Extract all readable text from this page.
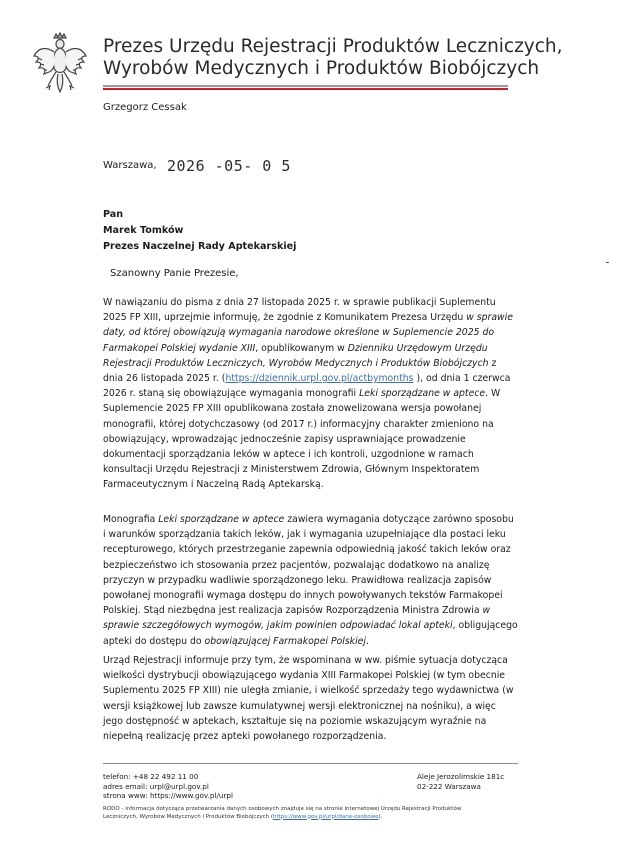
Prezes Urzędu Rejestracji Produktów Leczniczych,
Wyrobów Medycznych i Produktów Biobójczych
Grzegorz Cessak
Warszawa, 2026 -05- 0 5
Pan
Marek Tomków
Prezes Naczelnej Rady Aptekarskiej
Szanowny Panie Prezesie,

W nawiązaniu do pisma z dnia 27 listopada 2025 r. w sprawie publikacji Suplementu 2025 FP XIII, uprzejmie informuję, że zgodnie z Komunikatem Prezesa Urzędu w sprawie daty, od której obowiązują wymagania narodowe określone w Suplemencie 2025 do Farmakopei Polskiej wydanie XIII, opublikowanym w Dzienniku Urzędowym Urzędu Rejestracji Produktów Leczniczych, Wyrobów Medycznych i Produktów Biobójczych z dnia 26 listopada 2025 r. (https://dziennik.urpl.gov.pl/actbymonths ), od dnia 1 czerwca 2026 r. staną się obowiązujące wymagania monografii Leki sporządzane w aptece. W Suplemencie 2025 FP XIII opublikowana została znowelizowana wersja powołanej monografii, której dotychczasowy (od 2017 r.) informacyjny charakter zmieniono na obowiązujący, wprowadzając jednocześnie zapisy usprawniające prowadzenie dokumentacji sporządzania leków w aptece i ich kontroli, uzgodnione w ramach konsultacji Urzędu Rejestracji z Ministerstwem Zdrowia, Głównym Inspektoratem Farmaceutycznym i Naczelną Radą Aptekarską.

Monografia Leki sporządzane w aptece zawiera wymagania dotyczące zarówno sposobu i warunków sporządzania takich leków, jak i wymagania uzupełniające dla postaci leku recepturowego, których przestrzeganie zapewnia odpowiednią jakość takich leków oraz bezpieczeństwo ich stosowania przez pacjentów, pozwalając dodatkowo na analizę przyczyn w przypadku wadliwie sporządzonego leku. Prawidłowa realizacja zapisów powołanej monografii wymaga dostępu do innych powoływanych tekstów Farmakopei Polskiej. Stąd niezbędna jest realizacja zapisów Rozporządzenia Ministra Zdrowia w sprawie szczegółowych wymogów, jakim powinien odpowiadać lokal apteki, obligującego apteki do dostępu do obowiązującej Farmakopei Polskiej.

Urząd Rejestracji informuje przy tym, że wspominana w ww. piśmie sytuacja dotycząca wielkości dystrybucji obowiązującego wydania XIII Farmakopei Polskiej (w tym obecnie Suplementu 2025 FP XIII) nie uległa zmianie, i wielkość sprzedaży tego wydawnictwa (w wersji książkowej lub zawsze kumulatywnej wersji elektronicznej na nośniku), a więc jego dostępność w aptekach, kształtuje się na poziomie wskazującym wyraźnie na niepełną realizację przez apteki powołanego rozporządzenia.

telefon: +48 22 492 11 00
adres email: urpl@urpl.gov.pl
strona www: https://www.gov.pl/urpl
Aleje Jerozolimskie 181c
02-222 Warszawa
RODO - informacja dotycząca przetwarzania danych osobowych znajduje się na stronie internetowej Urzędu Rejestracji Produktów Leczniczych, Wyrobów Medycznych i Produktów Biobójczych (https://www.gov.pl/urpl/dane-osobowe).
